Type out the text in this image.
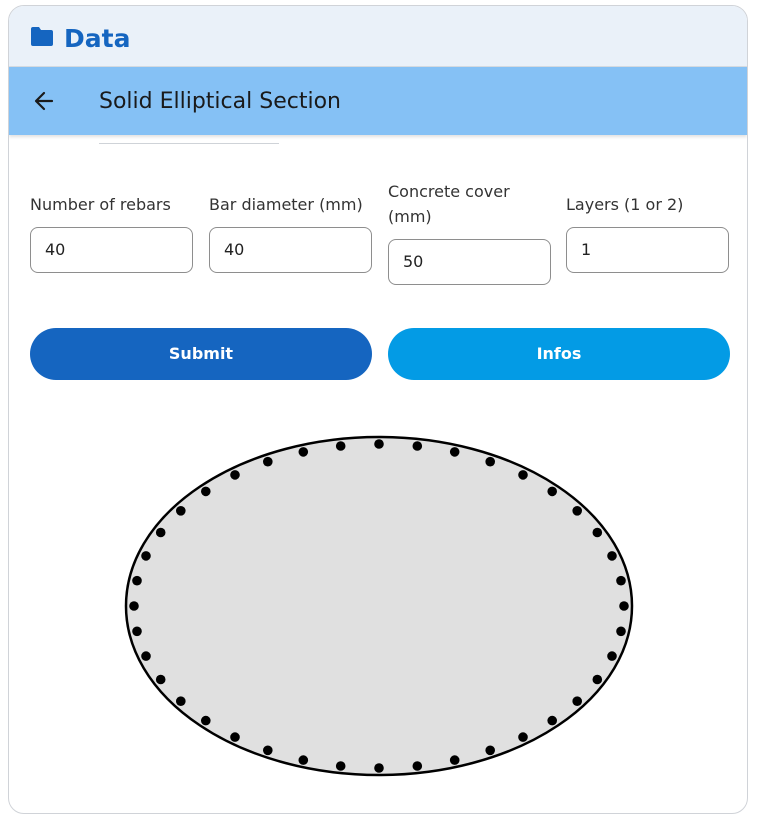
Data
Solid Elliptical Section
Number of rebars
40
Bar diameter (mm)
40
Concrete cover
(mm)
50
Layers (1 or 2)
1
Submit	Infos
